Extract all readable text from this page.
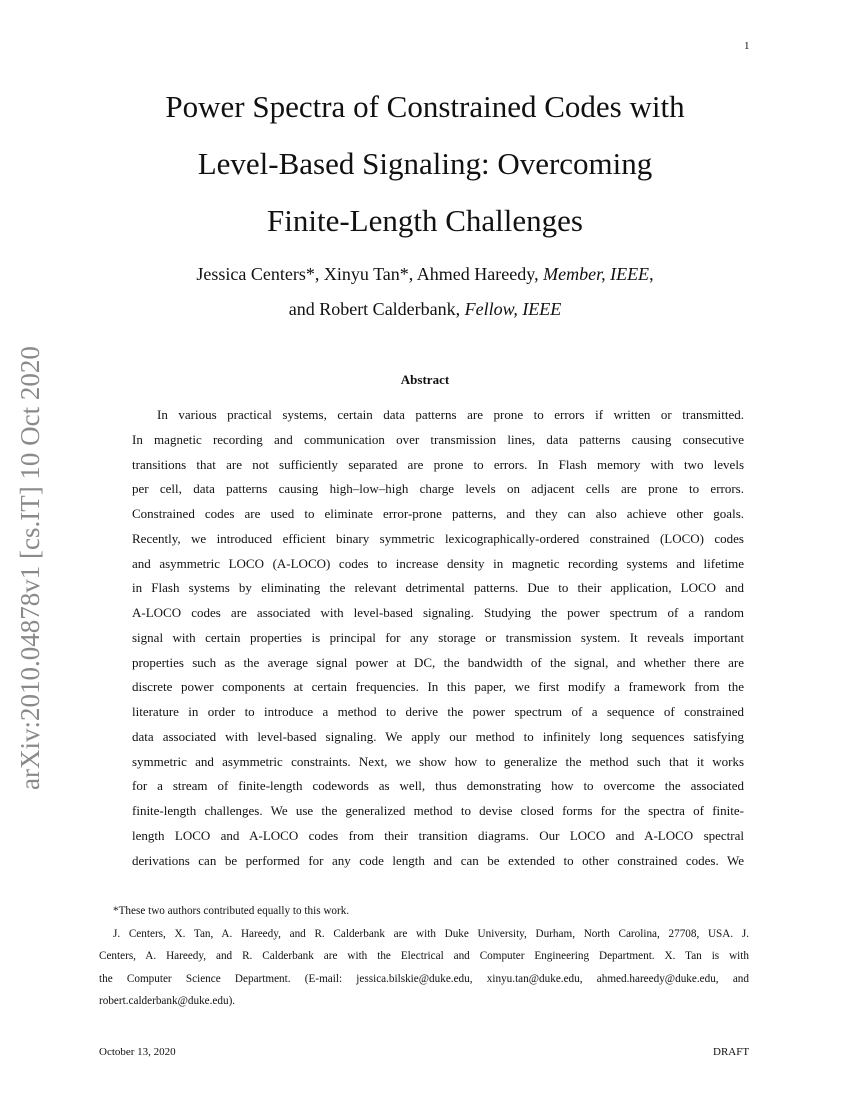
1
arXiv:2010.04878v1 [cs.IT] 10 Oct 2020
Power Spectra of Constrained Codes with
Level-Based Signaling: Overcoming
Finite-Length Challenges
Jessica Centers*, Xinyu Tan*, Ahmed Hareedy, Member, IEEE,
and Robert Calderbank, Fellow, IEEE
Abstract
In various practical systems, certain data patterns are prone to errors if written or transmitted.
In magnetic recording and communication over transmission lines, data patterns causing consecutive
transitions that are not sufficiently separated are prone to errors. In Flash memory with two levels
per cell, data patterns causing high–low–high charge levels on adjacent cells are prone to errors.
Constrained codes are used to eliminate error-prone patterns, and they can also achieve other goals.
Recently, we introduced efficient binary symmetric lexicographically-ordered constrained (LOCO) codes
and asymmetric LOCO (A-LOCO) codes to increase density in magnetic recording systems and lifetime
in Flash systems by eliminating the relevant detrimental patterns. Due to their application, LOCO and
A-LOCO codes are associated with level-based signaling. Studying the power spectrum of a random
signal with certain properties is principal for any storage or transmission system. It reveals important
properties such as the average signal power at DC, the bandwidth of the signal, and whether there are
discrete power components at certain frequencies. In this paper, we first modify a framework from the
literature in order to introduce a method to derive the power spectrum of a sequence of constrained
data associated with level-based signaling. We apply our method to infinitely long sequences satisfying
symmetric and asymmetric constraints. Next, we show how to generalize the method such that it works
for a stream of finite-length codewords as well, thus demonstrating how to overcome the associated
finite-length challenges. We use the generalized method to devise closed forms for the spectra of finite-
length LOCO and A-LOCO codes from their transition diagrams. Our LOCO and A-LOCO spectral
derivations can be performed for any code length and can be extended to other constrained codes. We
*These two authors contributed equally to this work.
J. Centers, X. Tan, A. Hareedy, and R. Calderbank are with Duke University, Durham, North Carolina, 27708, USA. J.
Centers, A. Hareedy, and R. Calderbank are with the Electrical and Computer Engineering Department. X. Tan is with
the Computer Science Department. (E-mail: jessica.bilskie@duke.edu, xinyu.tan@duke.edu, ahmed.hareedy@duke.edu, and
robert.calderbank@duke.edu).
October 13, 2020	DRAFT
